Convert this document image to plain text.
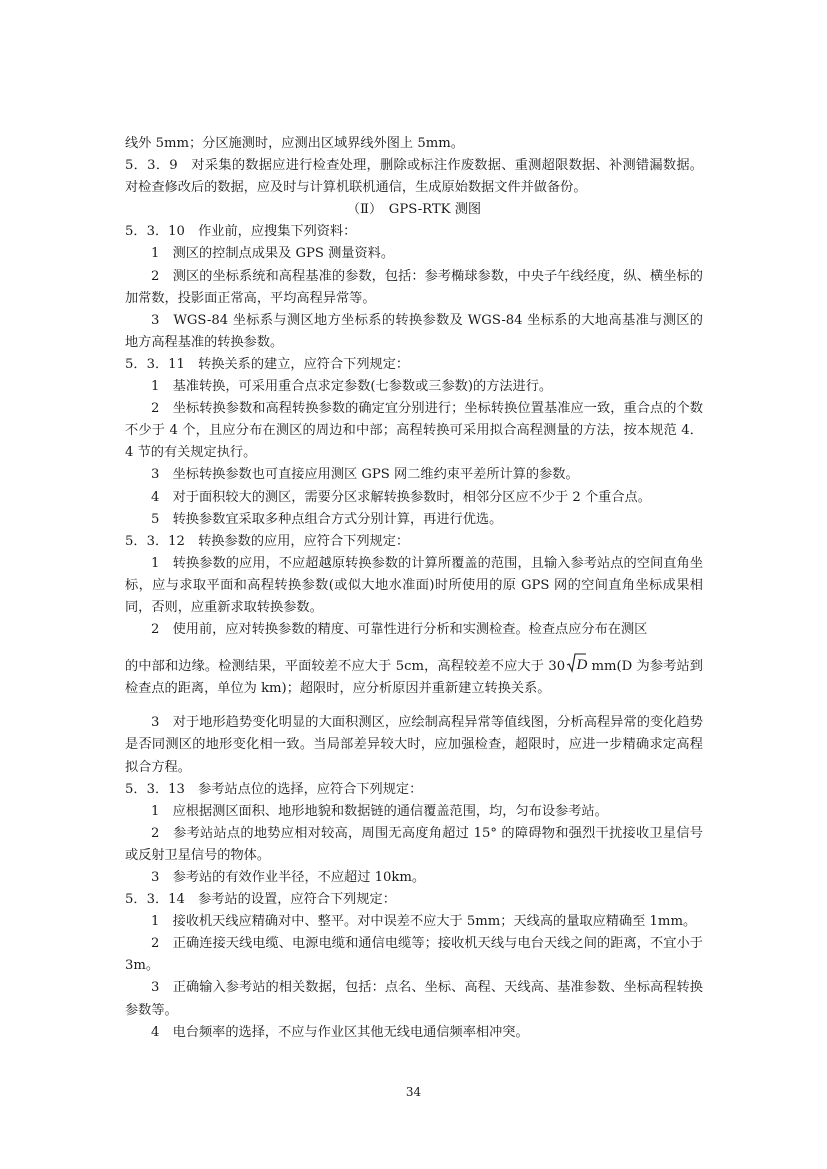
线外 5mm；分区施测时，应测出区域界线外图上 5mm。

5．3．9　对采集的数据应进行检查处理，删除或标注作废数据、重测超限数据、补测错漏数据。对检查修改后的数据，应及时与计算机联机通信，生成原始数据文件并做备份。

（Ⅱ）　GPS-RTK 测图

5．3．10　作业前，应搜集下列资料：

1　测区的控制点成果及 GPS 测量资料。

2　测区的坐标系统和高程基准的参数，包括：参考椭球参数，中央子午线经度，纵、横坐标的加常数，投影面正常高，平均高程异常等。

3　WGS-84 坐标系与测区地方坐标系的转换参数及 WGS-84 坐标系的大地高基准与测区的地方高程基准的转换参数。

5．3．11　转换关系的建立，应符合下列规定：

1　基准转换，可采用重合点求定参数(七参数或三参数)的方法进行。

2　坐标转换参数和高程转换参数的确定宜分别进行；坐标转换位置基准应一致，重合点的个数不少于 4 个，且应分布在测区的周边和中部；高程转换可采用拟合高程测量的方法，按本规范 4．4 节的有关规定执行。

3　坐标转换参数也可直接应用测区 GPS 网二维约束平差所计算的参数。

4　对于面积较大的测区，需要分区求解转换参数时，相邻分区应不少于 2 个重合点。

5　转换参数宜采取多种点组合方式分别计算，再进行优选。

5．3．12　转换参数的应用，应符合下列规定：

1　转换参数的应用，不应超越原转换参数的计算所覆盖的范围，且输入参考站点的空间直角坐标，应与求取平面和高程转换参数(或似大地水准面)时所使用的原 GPS 网的空间直角坐标成果相同，否则，应重新求取转换参数。

2　使用前，应对转换参数的精度、可靠性进行分析和实测检查。检查点应分布在测区

的中部和边缘。检测结果，平面较差不应大于 5cm，高程较差不应大于 30 D mm(D 为参考站到检查点的距离，单位为 km)；超限时，应分析原因并重新建立转换关系。

3　对于地形趋势变化明显的大面积测区，应绘制高程异常等值线图，分析高程异常的变化趋势是否同测区的地形变化相一致。当局部差异较大时，应加强检查，超限时，应进一步精确求定高程拟合方程。

5．3．13　参考站点位的选择，应符合下列规定：

1　应根据测区面积、地形地貌和数据链的通信覆盖范围，均，匀布设参考站。

2　参考站站点的地势应相对较高，周围无高度角超过 15° 的障碍物和强烈干扰接收卫星信号或反射卫星信号的物体。

3　参考站的有效作业半径，不应超过 10km。

5．3．14　参考站的设置，应符合下列规定：

1　接收机天线应精确对中、整平。对中误差不应大于 5mm；天线高的量取应精确至 1mm。

2　正确连接天线电缆、电源电缆和通信电缆等；接收机天线与电台天线之间的距离，不宜小于 3m。

3　正确输入参考站的相关数据，包括：点名、坐标、高程、天线高、基准参数、坐标高程转换参数等。

4　电台频率的选择，不应与作业区其他无线电通信频率相冲突。

34
